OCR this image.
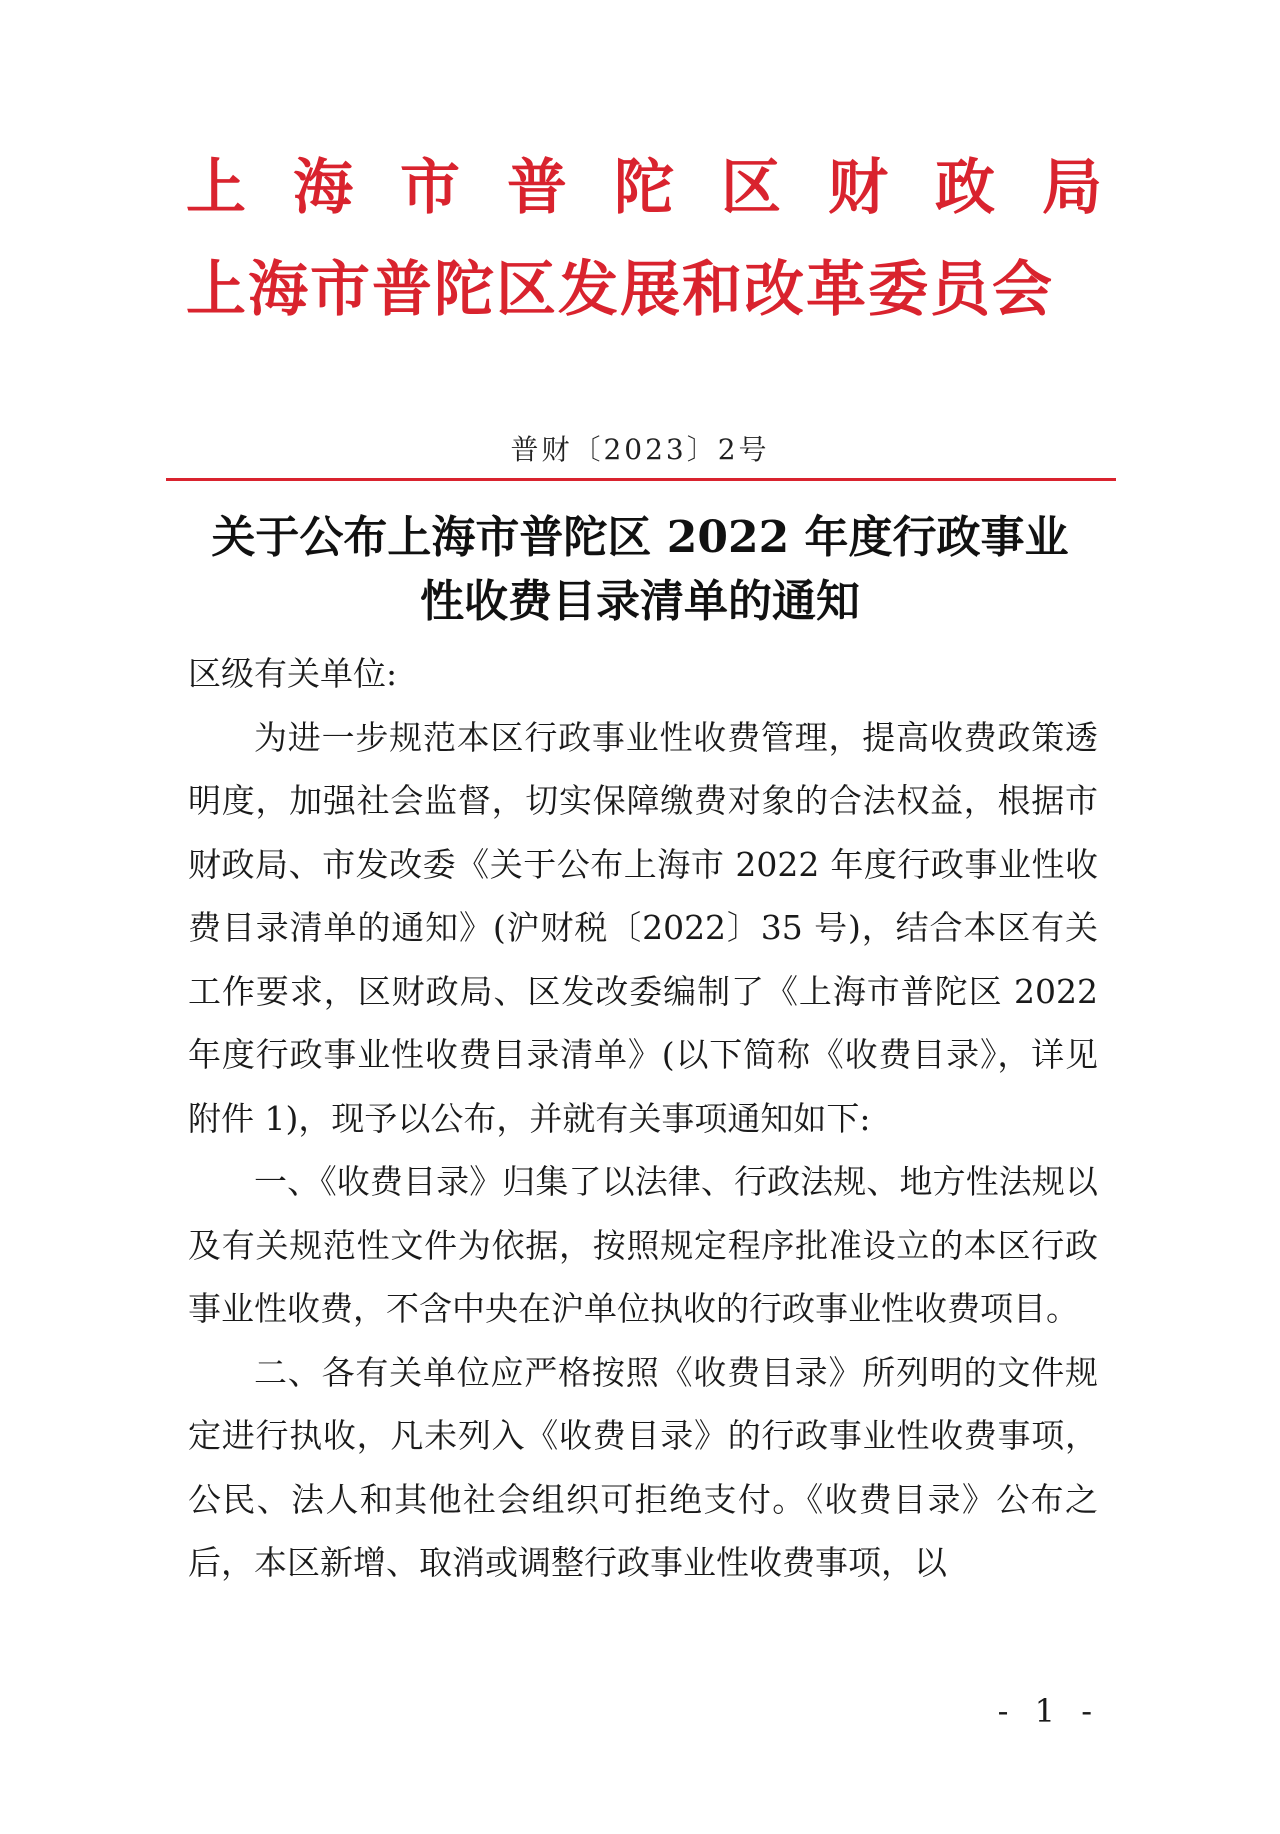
上海市普陀区财政局
上海市普陀区发展和改革委员会
普财〔2023〕2号
关于公布上海市普陀区 2022 年度行政事业
性收费目录清单的通知

区级有关单位:

为进一步规范本区行政事业性收费管理，提高收费政策透明度，加强社会监督，切实保障缴费对象的合法权益，根据市财政局、市发改委《关于公布上海市 2022 年度行政事业性收费目录清单的通知》(沪财税〔2022〕35 号)，结合本区有关工作要求，区财政局、区发改委编制了《上海市普陀区 2022 年度行政事业性收费目录清单》(以下简称《收费目录》，详见附件 1)，现予以公布，并就有关事项通知如下:

一、《收费目录》归集了以法律、行政法规、地方性法规以及有关规范性文件为依据，按照规定程序批准设立的本区行政事业性收费，不含中央在沪单位执收的行政事业性收费项目。

二、各有关单位应严格按照《收费目录》所列明的文件规定进行执收，凡未列入《收费目录》的行政事业性收费事项，公民、法人和其他社会组织可拒绝支付。《收费目录》公布之后，本区新增、取消或调整行政事业性收费事项，以

- 1 -
